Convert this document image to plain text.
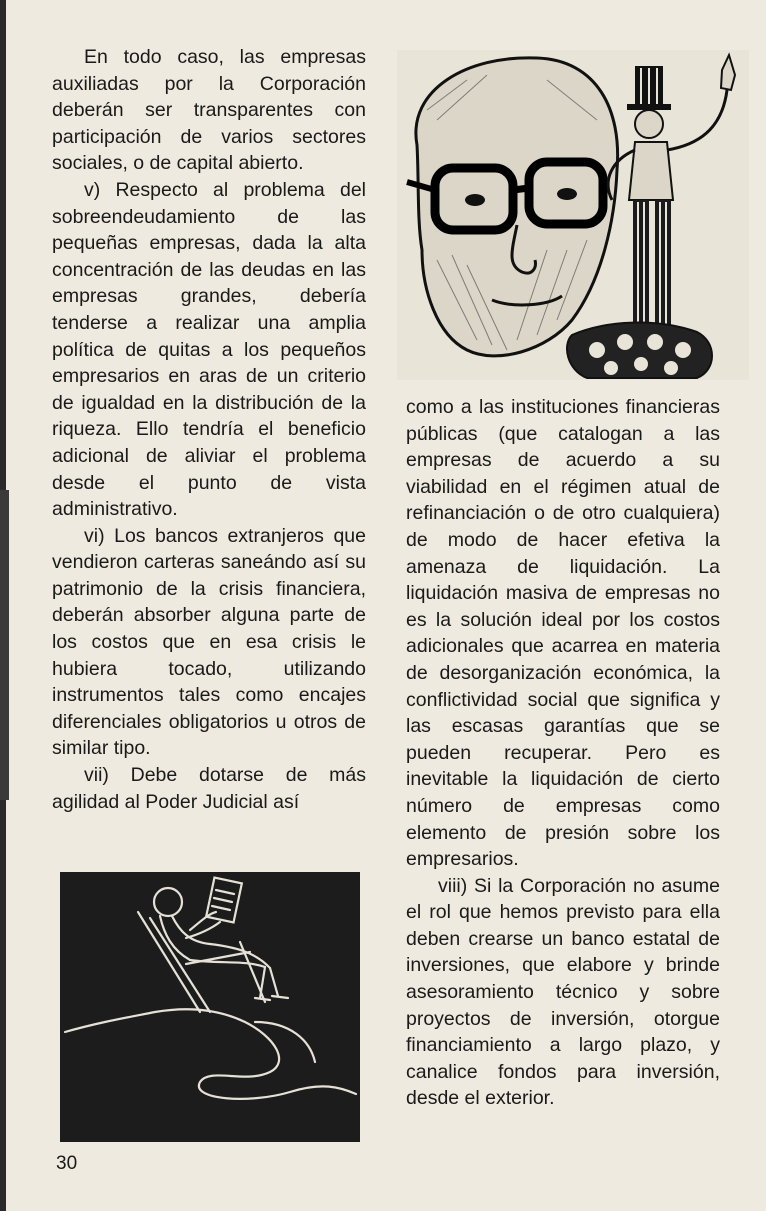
En todo caso, las empresas auxiliadas por la Corporación deberán ser transparentes con participación de varios sectores sociales, o de capital abierto.

v) Respecto al problema del sobreendeudamiento de las pequeñas empresas, dada la alta concentración de las deudas en las empresas grandes, debería tenderse a realizar una amplia política de quitas a los pequeños empresarios en aras de un criterio de igualdad en la distribución de la riqueza. Ello tendría el beneficio adicional de aliviar el problema desde el punto de vista administrativo.

vi) Los bancos extranjeros que vendieron carteras saneándo así su patrimonio de la crisis financiera, deberán absorber alguna parte de los costos que en esa crisis le hubiera tocado, utilizando instrumentos tales como encajes diferenciales obligatorios u otros de similar tipo.

vii) Debe dotarse de más agilidad al Poder Judicial así

como a las instituciones financieras públicas (que catalogan a las empresas de acuerdo a su viabilidad en el régimen atual de refinanciación o de otro cualquiera) de modo de hacer efetiva la amenaza de liquidación. La liquidación masiva de empresas no es la solución ideal por los costos adicionales que acarrea en materia de desorganización económica, la conflictividad social que significa y las escasas garantías que se pueden recuperar. Pero es inevitable la liquidación de cierto número de empresas como elemento de presión sobre los empresarios.

viii) Si la Corporación no asume el rol que hemos previsto para ella deben crearse un banco estatal de inversiones, que elabore y brinde asesoramiento técnico y sobre proyectos de inversión, otorgue financiamiento a largo plazo, y canalice fondos para inversión, desde el exterior.

30
